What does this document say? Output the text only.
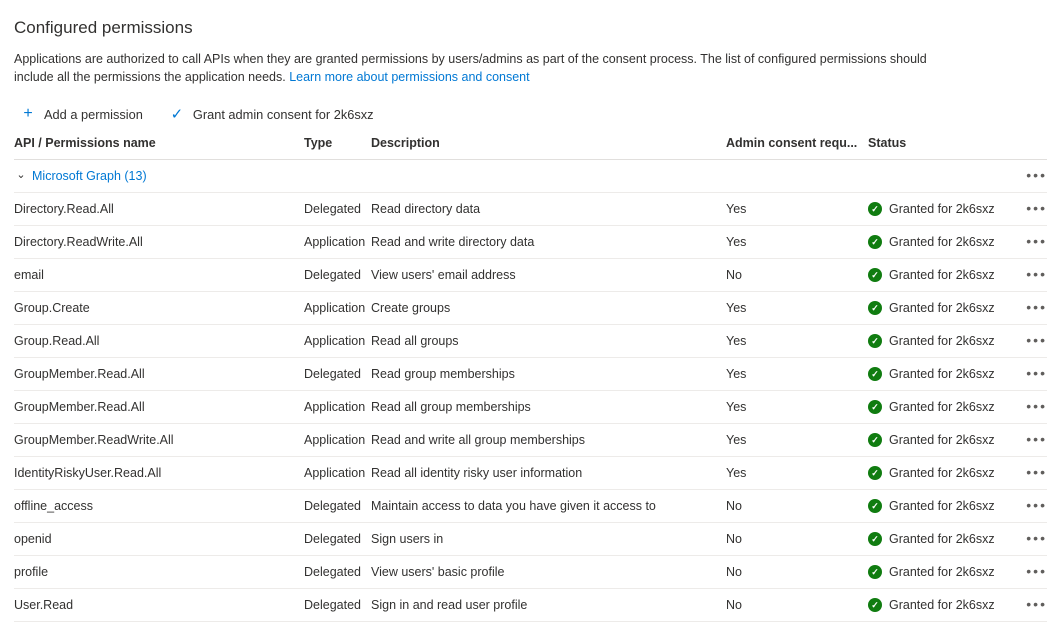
Configured permissions
Applications are authorized to call APIs when they are granted permissions by users/admins as part of the consent process. The list of configured permissions should include all the permissions the application needs. Learn more about permissions and consent
+ Add a permission ✓ Grant admin consent for 2k6sxz
API / Permissions name	Type	Description	Admin consent requ...	Status	

⌄ Microsoft Graph (13)					•••
Directory.Read.All	Delegated	Read directory data	Yes	✓ Granted for 2k6sxz	•••
Directory.ReadWrite.All	Application	Read and write directory data	Yes	✓ Granted for 2k6sxz	•••
email	Delegated	View users' email address	No	✓ Granted for 2k6sxz	•••
Group.Create	Application	Create groups	Yes	✓ Granted for 2k6sxz	•••
Group.Read.All	Application	Read all groups	Yes	✓ Granted for 2k6sxz	•••
GroupMember.Read.All	Delegated	Read group memberships	Yes	✓ Granted for 2k6sxz	•••
GroupMember.Read.All	Application	Read all group memberships	Yes	✓ Granted for 2k6sxz	•••
GroupMember.ReadWrite.All	Application	Read and write all group memberships	Yes	✓ Granted for 2k6sxz	•••
IdentityRiskyUser.Read.All	Application	Read all identity risky user information	Yes	✓ Granted for 2k6sxz	•••
offline_access	Delegated	Maintain access to data you have given it access to	No	✓ Granted for 2k6sxz	•••
openid	Delegated	Sign users in	No	✓ Granted for 2k6sxz	•••
profile	Delegated	View users' basic profile	No	✓ Granted for 2k6sxz	•••
User.Read	Delegated	Sign in and read user profile	No	✓ Granted for 2k6sxz	•••
